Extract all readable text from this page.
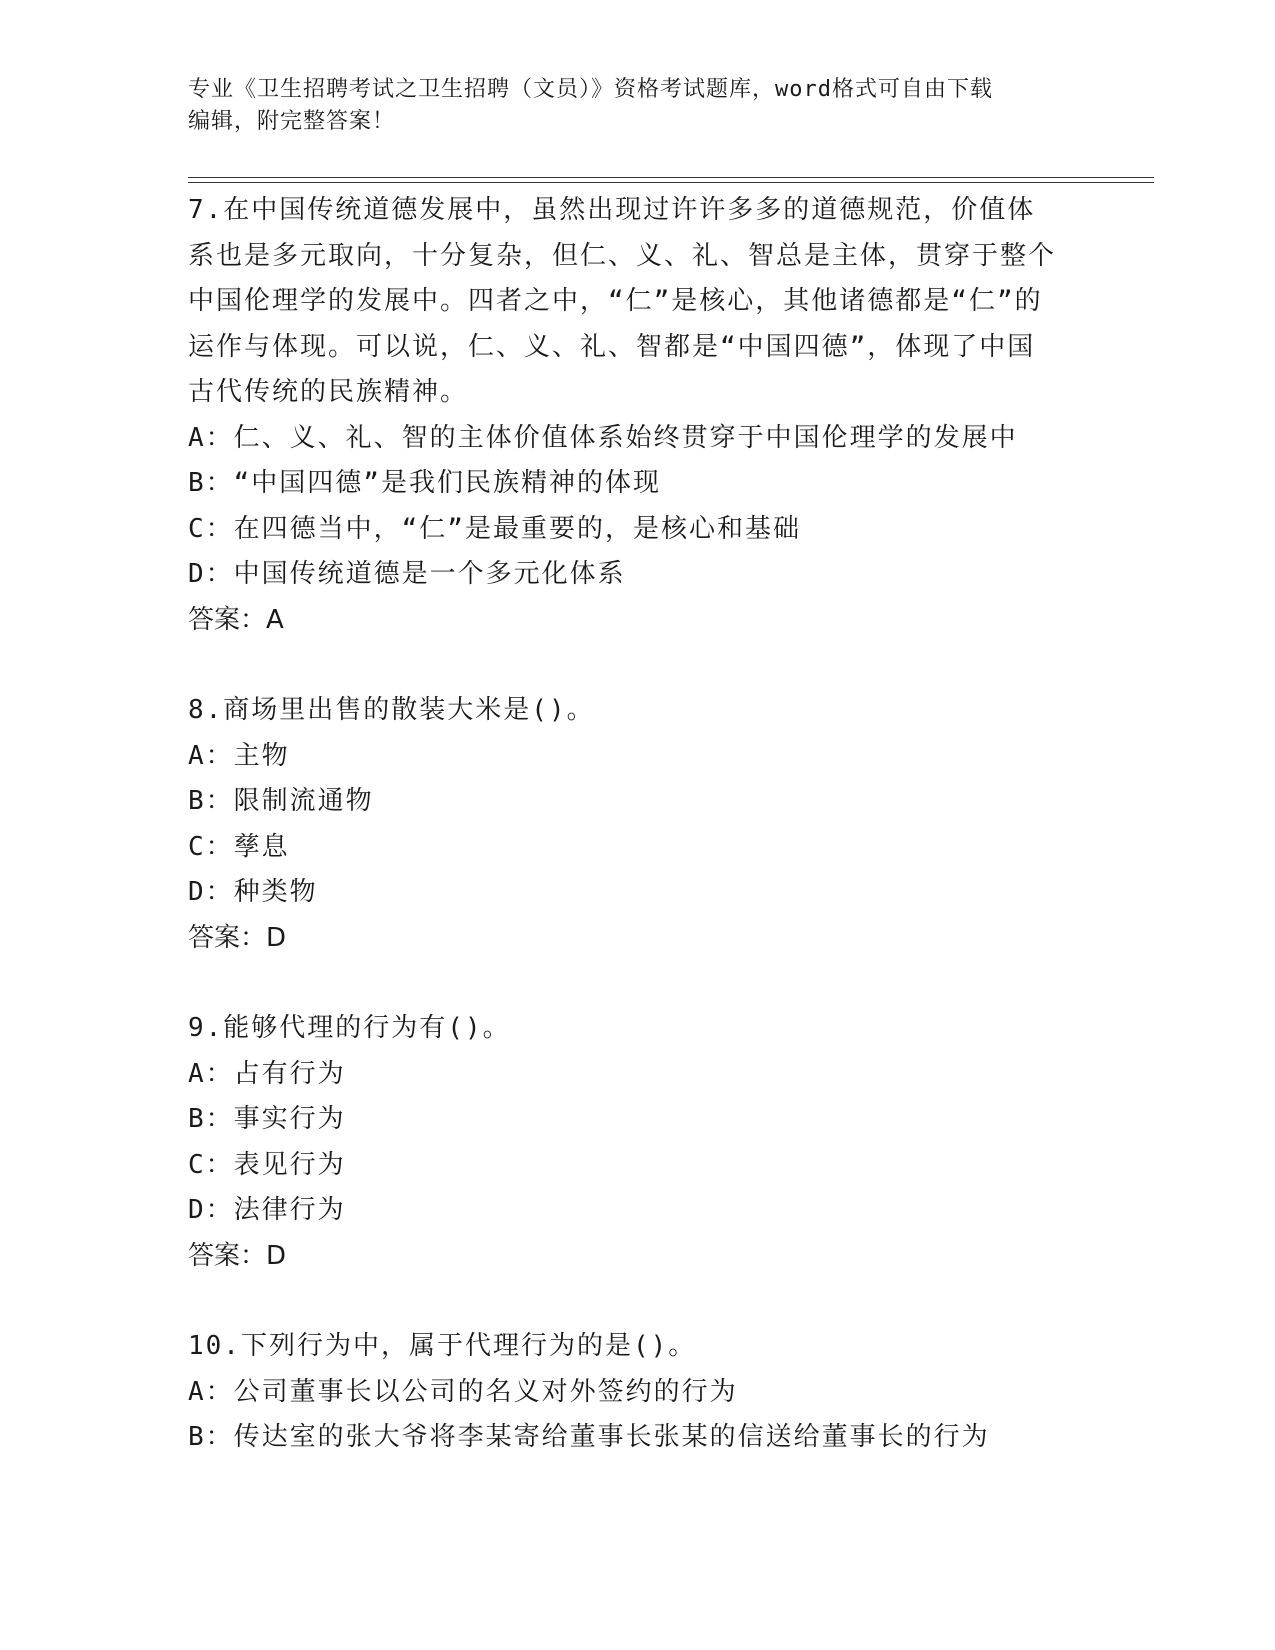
专业《卫生招聘考试之卫生招聘（文员）》资格考试题库，word格式可自由下载
编辑，附完整答案！

7.在中国传统道德发展中，虽然出现过许许多多的道德规范，价值体系也是多元取向，十分复杂，但仁、义、礼、智总是主体，贯穿于整个中国伦理学的发展中。四者之中，“仁”是核心，其他诸德都是“仁”的运作与体现。可以说，仁、义、礼、智都是“中国四德”，体现了中国古代传统的民族精神。

A：仁、义、礼、智的主体价值体系始终贯穿于中国伦理学的发展中

B：“中国四德”是我们民族精神的体现

C：在四德当中，“仁”是最重要的，是核心和基础

D：中国传统道德是一个多元化体系

答案：A

8.商场里出售的散装大米是()。

A：主物

B：限制流通物

C：孳息

D：种类物

答案：D

9.能够代理的行为有()。

A：占有行为

B：事实行为

C：表见行为

D：法律行为

答案：D

10.下列行为中，属于代理行为的是()。

A：公司董事长以公司的名义对外签约的行为

B：传达室的张大爷将李某寄给董事长张某的信送给董事长的行为
